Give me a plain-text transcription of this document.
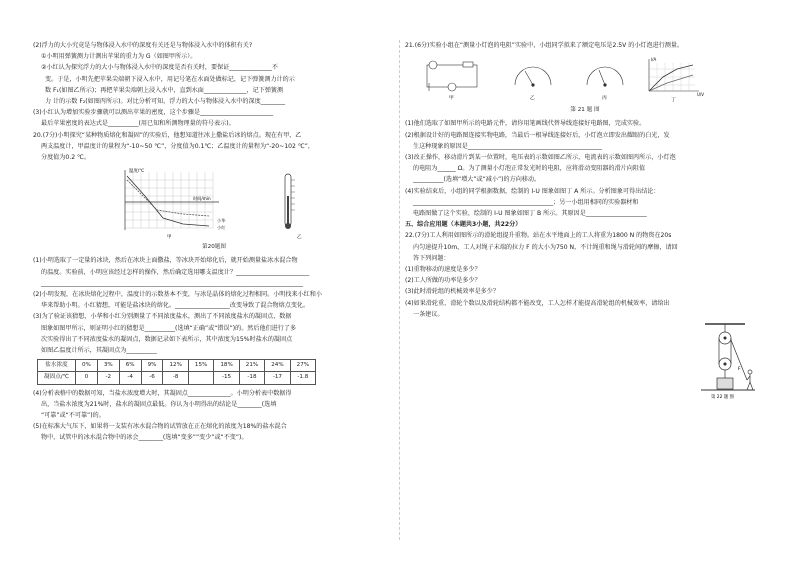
(2)浮力的大小究竟是与物体浸入水中的深度有关还是与物体浸入水中的体积有关?

①小明用弹簧测力计测出苹果的重力为 G（如图甲所示）。

②小红认为探究浮力的大小与物体浸入水中的深度是否有关时，要保证______________不

变。于是，小明先把苹果尖端朝下浸入水中，用记号笔在水面处做标记，记下弹簧测力计的示

数 F₁(如图乙所示)；再把苹果尖端朝上浸入水中，直到水面______________，记下弹簧测

力 计的示数 F₂(如图丙所示)。对比分析可知，浮力的大小与物体浸入水中的深度________

(3)小红认为增加实验步骤就可以测出苹果的密度，这个步骤是________________________

最后苹果密度的表达式是__________(用已知和所测物理量的符号表示)。

20.(7分)小明探究“某种物质熔化和凝固”的实验后，他想知道往冰上撒盐后冰的熔点。现在有甲、乙

两支温度计，甲温度计的量程为“-10~50 ℃”，分度值为0.1℃；乙温度计的量程为“-20~102 ℃”，

分度值为0.2 ℃。

温度/℃
时间/min
小华
小红
甲	乙

第20题图

(1)小明选取了一定量的冰块，然后在冰块上面撒盐，等冰块开始熔化后，就开始测量盐冰水混合物

的温度。实验前，小明应该经过怎样的操作，然后确定选用哪支温度计？________________________

______________________________________________________________________________________

(2)小明发现，在冰块熔化过程中，温度计的示数基本不变，与冰是晶体的熔化过程相同。小明找来小红和小

华来帮助小明。小红猜想，可能是盐冰块的熔化。__________________改变导致了混合物熔点变化。

(3)为了验证该猜想，小华和小红分别测量了不同浓度盐水，测出了不同浓度盐水的凝固点，数据

图象如图甲所示，则证明小红的猜想是__________(选填“正确”或“错误”)的。然后他们进行了多

次实验得出了不同浓度盐水的凝固点，数据记录如下表所示，其中浓度为15%时盐水的凝固点

如图乙温度计所示，其凝固点为__________

盐水浓度	0%	3%	6%	9%	12%	15%	18%	21%	24%	27%
凝固点/℃	0	-2	-4	-6	-8		-15	-18	-17	-1.8

(4)分析表格中的数据可知，当盐水浓度增大时，其凝固点______________。小明分析表中数据得

出，当盐水浓度为21%时，盐水的凝固点最低。你认为小明得出的结论是________(选填

“可靠”或“不可靠”)的。

(5)在标准大气压下，如果将一支装有冰水混合物的试管放在正在熔化的浓度为18%的盐水混合

物中，试管中的冰水混合物中的冰会________(选填“变多”“变少”或“不变”)。

21.(6分)实验小组在“测量小灯泡的电阻”实验中，小组同学拟来了额定电压是2.5V 的小灯泡进行测量。

甲	乙	丙
I/A
U/V
丁

第 21 题 图

(1)他们选取了如图甲所示的电路元件，请你用笔画线代替导线连接好电路图，完成实验。

(2)根据设计好的电路图连接实物电路，当最后一根导线连接好后，小灯泡立即发出耀眼的白光，发

生这种现象的原因是____________________________________________

(3)改正操作，移动滑片到某一位置时，电压表的示数如图乙所示，电流表的示数如图丙所示，小灯泡

的电阻为______ Ω。为了测量小灯泡正常发光时的电阻，应将滑动变阻器的滑片向阻值

__________(选填“增大”或“减小”)的方向移动。

(4)实验结束后，小组的同学根据数据，绘制的 I-U 图象如图丁 A 所示。分析图象可得出结论：

______________________________________________；另一小组用相同的实验器材和

电路图做了这个实验，绘制的 I-U 图象如图丁 B 所示。其原因是____________________

五、综合应用题（本题共3小题，共22分）

22.(7分)工人利用如图所示的滑轮组提升重物。站在水平地面上的工人将重为1800 N 的物资在20s

内匀速提升10m，工人对绳子末端的拉力 F 的大小为750 N，不计绳重和绳与滑轮间的摩擦，请回

答下列问题：

(1)重物移动的速度是多少？

(2)工人所做的功率是多少？

(3)此时滑轮组的机械效率是多少？

(4)如果滑轮重、滑轮个数以及滑轮结构都不能改变，工人怎样才能提高滑轮组的机械效率，请给出

一条建议。

F
第 22 题 图
